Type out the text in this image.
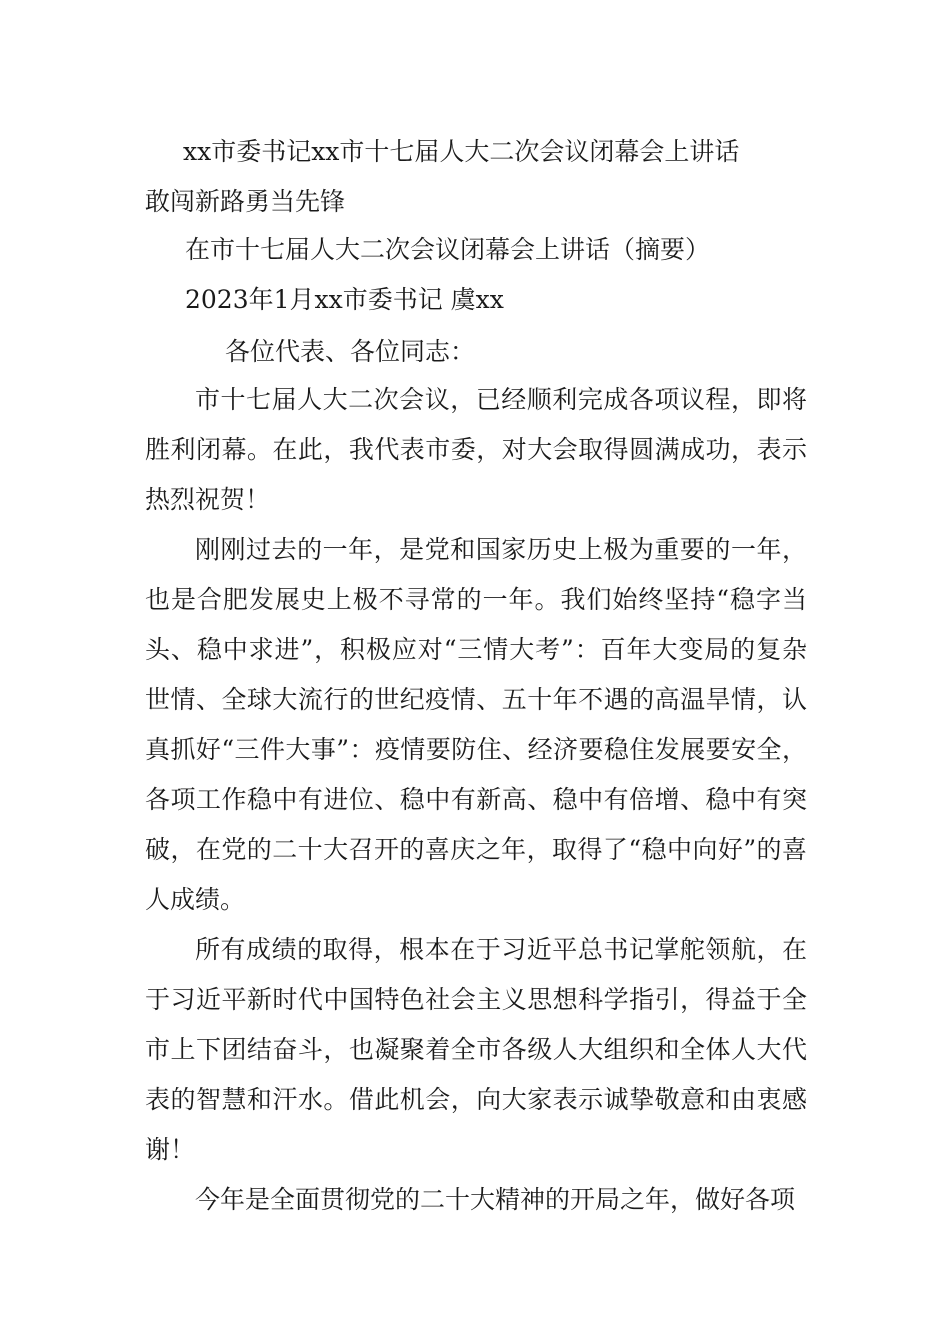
xx市委书记xx市十七届人大二次会议闭幕会上讲话
敢闯新路勇当先锋
在市十七届人大二次会议闭幕会上讲话（摘要）
2023年1月xx市委书记 虞xx
各位代表、各位同志：
市十七届人大二次会议，已经顺利完成各项议程，即将胜利闭幕。在此，我代表市委，对大会取得圆满成功，表示热烈祝贺！
刚刚过去的一年，是党和国家历史上极为重要的一年，也是合肥发展史上极不寻常的一年。我们始终坚持“稳字当头、稳中求进”，积极应对“三情大考”：百年大变局的复杂世情、全球大流行的世纪疫情、五十年不遇的高温旱情，认真抓好“三件大事”：疫情要防住、经济要稳住发展要安全，各项工作稳中有进位、稳中有新高、稳中有倍增、稳中有突破，在党的二十大召开的喜庆之年，取得了“稳中向好”的喜人成绩。
所有成绩的取得，根本在于习近平总书记掌舵领航，在于习近平新时代中国特色社会主义思想科学指引，得益于全市上下团结奋斗，也凝聚着全市各级人大组织和全体人大代表的智慧和汗水。借此机会，向大家表示诚挚敬意和由衷感谢！
今年是全面贯彻党的二十大精神的开局之年，做好各项
